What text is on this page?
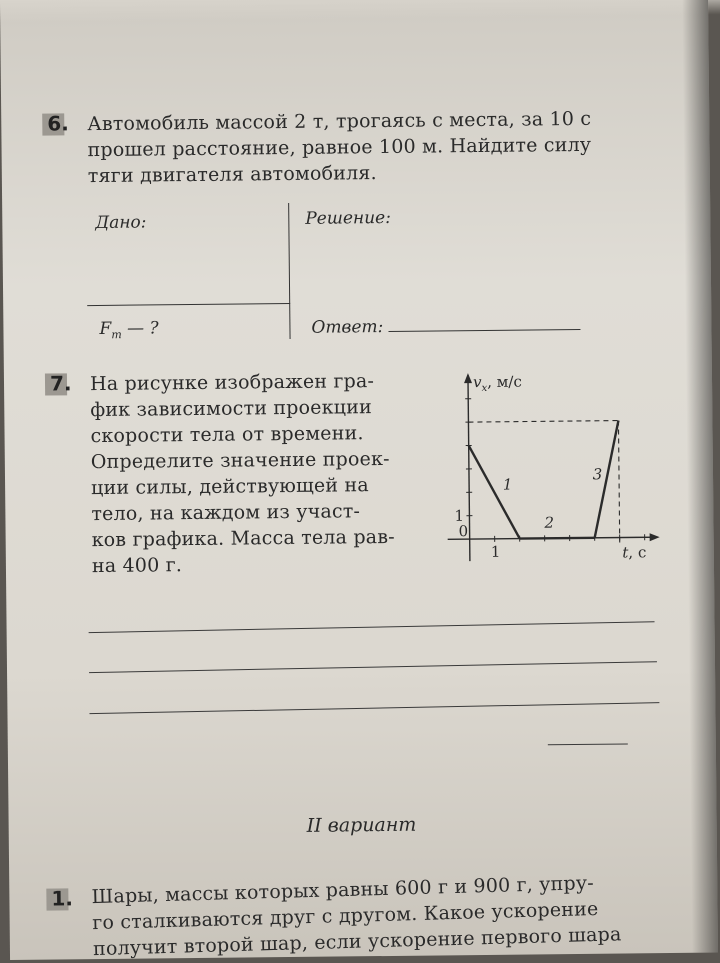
6. Автомобиль массой 2 т, трогаясь с места, за 10 с
прошел расстояние, равное 100 м. Найдите силу
тяги двигателя автомобиля.
Дано:	Решение:
$F_т$ — ?	Ответ:
7. На рисунке изображен гра-
фик зависимости проекции
скорости тела от времени.
Определите значение проек-
ции силы, действующей на
тело, на каждом из участ-
ков графика. Масса тела рав-
на 400 г.
1
2
3
$v_x$, м/с
t, с
0
1
1
II вариант
1. Шары, массы которых равны 600 г и 900 г, упру-
го сталкиваются друг с другом. Какое ускорение
получит второй шар, если ускорение первого шара
